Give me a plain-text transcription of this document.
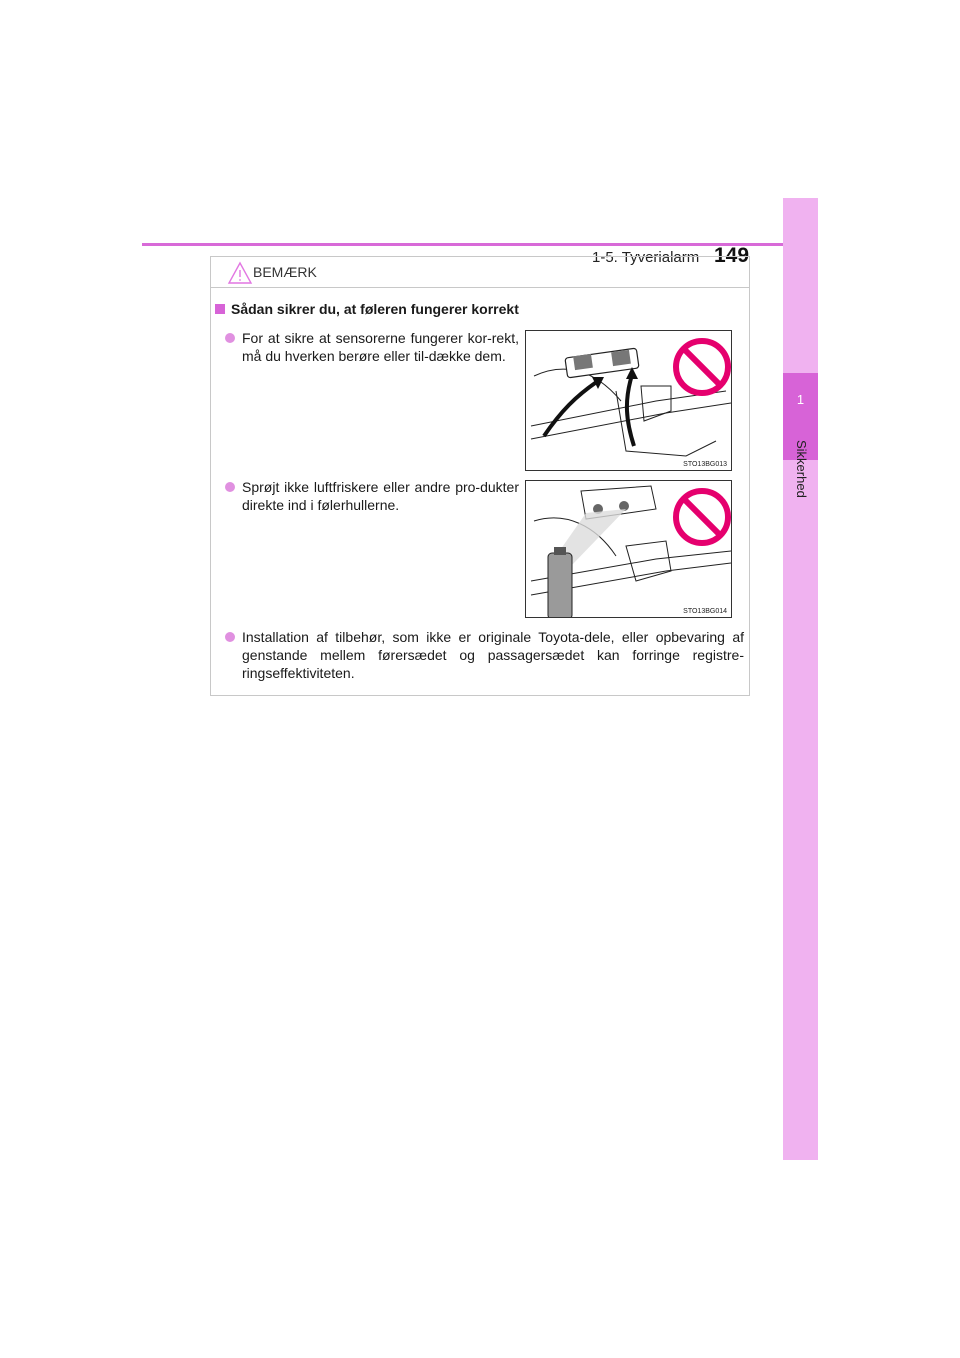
1-5. Tyverialarm 149
1
Sikkerhed
BEMÆRK
Sådan sikrer du, at føleren fungerer korrekt
For at sikre at sensorerne fungerer kor-rekt, må du hverken berøre eller til-dække dem.
STO13BG013
Sprøjt ikke luftfriskere eller andre pro-dukter direkte ind i følerhullerne.
STO13BG014
Installation af tilbehør, som ikke er originale Toyota-dele, eller opbevaring af genstande mellem førersædet og passagersædet kan forringe registre-ringseffektiviteten.
